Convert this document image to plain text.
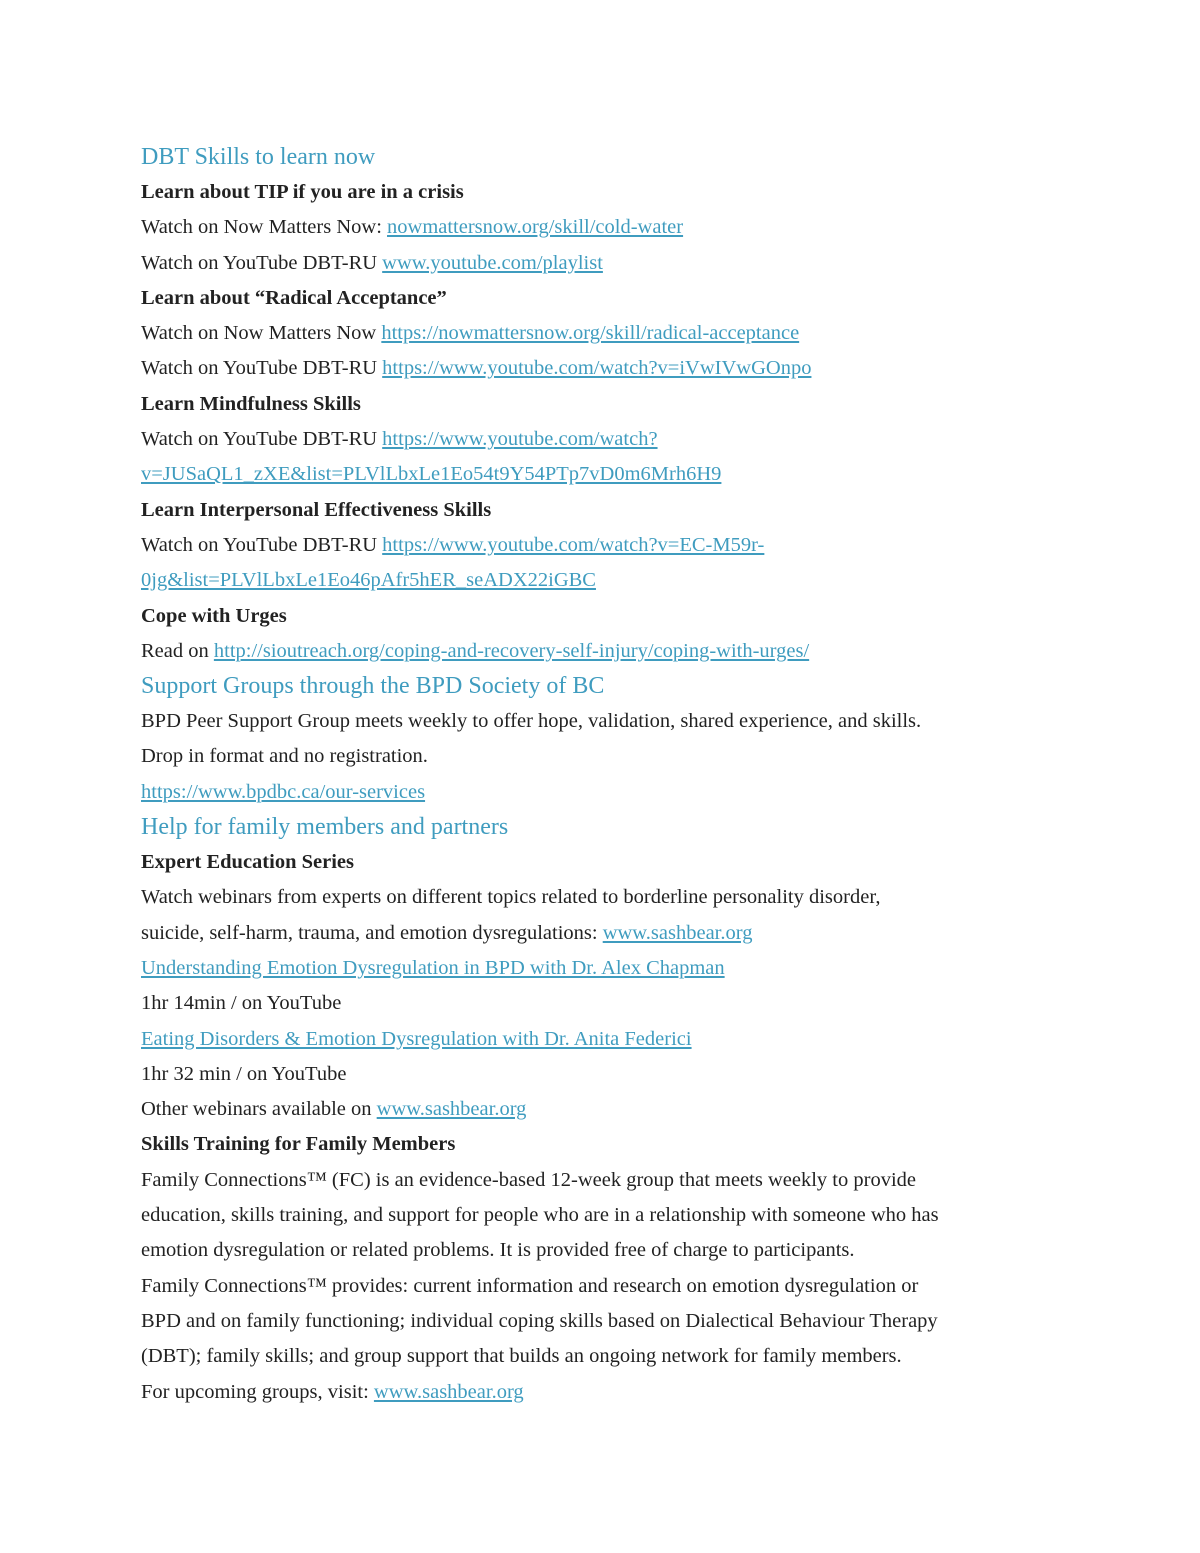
DBT Skills to learn now

Learn about TIP if you are in a crisis

Watch on Now Matters Now: nowmattersnow.org/skill/cold-water

Watch on YouTube DBT-RU www.youtube.com/playlist

Learn about “Radical Acceptance”

Watch on Now Matters Now https://nowmattersnow.org/skill/radical-acceptance

Watch on YouTube DBT-RU https://www.youtube.com/watch?v=iVwIVwGOnpo

Learn Mindfulness Skills

Watch on YouTube DBT-RU https://www.youtube.com/watch?

v=JUSaQL1_zXE&list=PLVlLbxLe1Eo54t9Y54PTp7vD0m6Mrh6H9

Learn Interpersonal Effectiveness Skills

Watch on YouTube DBT-RU https://www.youtube.com/watch?v=EC-M59r-

0jg&list=PLVlLbxLe1Eo46pAfr5hER_seADX22iGBC

Cope with Urges

Read on http://sioutreach.org/coping-and-recovery-self-injury/coping-with-urges/

Support Groups through the BPD Society of BC

BPD Peer Support Group meets weekly to offer hope, validation, shared experience, and skills.

Drop in format and no registration.

https://www.bpdbc.ca/our-services

Help for family members and partners

Expert Education Series

Watch webinars from experts on different topics related to borderline personality disorder,

suicide, self-harm, trauma, and emotion dysregulations: www.sashbear.org

Understanding Emotion Dysregulation in BPD with Dr. Alex Chapman

1hr 14min / on YouTube

Eating Disorders & Emotion Dysregulation with Dr. Anita Federici

1hr 32 min / on YouTube

Other webinars available on www.sashbear.org

Skills Training for Family Members

Family Connections™ (FC) is an evidence-based 12-week group that meets weekly to provide

education, skills training, and support for people who are in a relationship with someone who has

emotion dysregulation or related problems. It is provided free of charge to participants.

Family Connections™ provides: current information and research on emotion dysregulation or

BPD and on family functioning; individual coping skills based on Dialectical Behaviour Therapy

(DBT); family skills; and group support that builds an ongoing network for family members.

For upcoming groups, visit: www.sashbear.org
